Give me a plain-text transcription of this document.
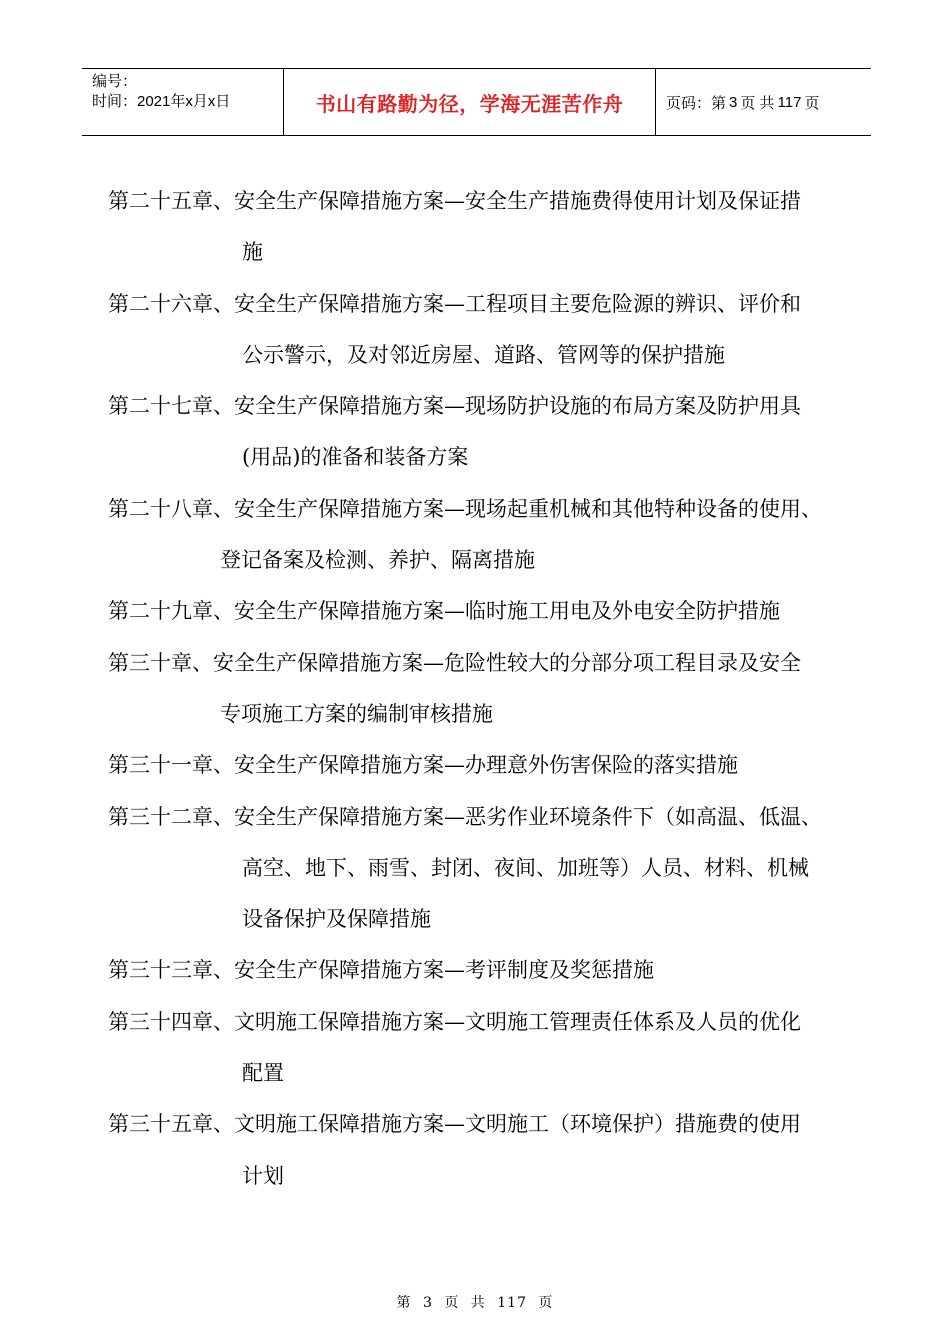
编号：
时间：2021年x月x日	书山有路勤为径，学海无涯苦作舟	页码：第 3 页 共 117 页
第二十五章、安全生产保障措施方案—安全生产措施费得使用计划及保证措
施
第二十六章、安全生产保障措施方案—工程项目主要危险源的辨识、评价和
公示警示，及对邻近房屋、道路、管网等的保护措施
第二十七章、安全生产保障措施方案—现场防护设施的布局方案及防护用具
(用品)的准备和装备方案
第二十八章、安全生产保障措施方案—现场起重机械和其他特种设备的使用、
登记备案及检测、养护、隔离措施
第二十九章、安全生产保障措施方案—临时施工用电及外电安全防护措施
第三十章、安全生产保障措施方案—危险性较大的分部分项工程目录及安全
专项施工方案的编制审核措施
第三十一章、安全生产保障措施方案—办理意外伤害保险的落实措施
第三十二章、安全生产保障措施方案—恶劣作业环境条件下（如高温、低温、
高空、地下、雨雪、封闭、夜间、加班等）人员、材料、机械
设备保护及保障措施
第三十三章、安全生产保障措施方案—考评制度及奖惩措施
第三十四章、文明施工保障措施方案—文明施工管理责任体系及人员的优化
配置
第三十五章、文明施工保障措施方案—文明施工（环境保护）措施费的使用
计划
第 3 页 共 117 页
